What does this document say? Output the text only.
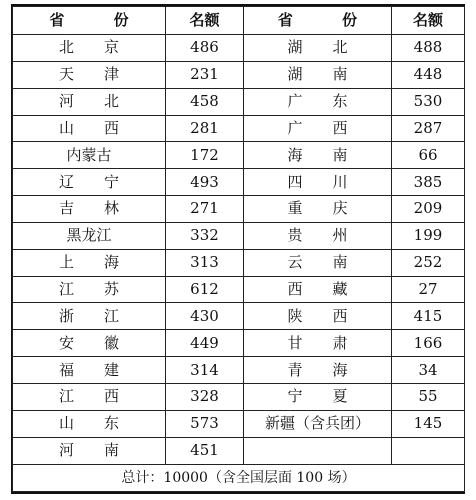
省 份	名额	省 份	名额
北京	486	湖北	488
天津	231	湖南	448
河北	458	广东	530
山西	281	广西	287
内蒙古	172	海南	66
辽宁	493	四川	385
吉林	271	重庆	209
黑龙江	332	贵州	199
上海	313	云南	252
江苏	612	西藏	27
浙江	430	陕西	415
安徽	449	甘肃	166
福建	314	青海	34
江西	328	宁夏	55
山东	573	新疆（含兵团）	145
河南	451		
总计：10000（含全国层面 100 场）			
